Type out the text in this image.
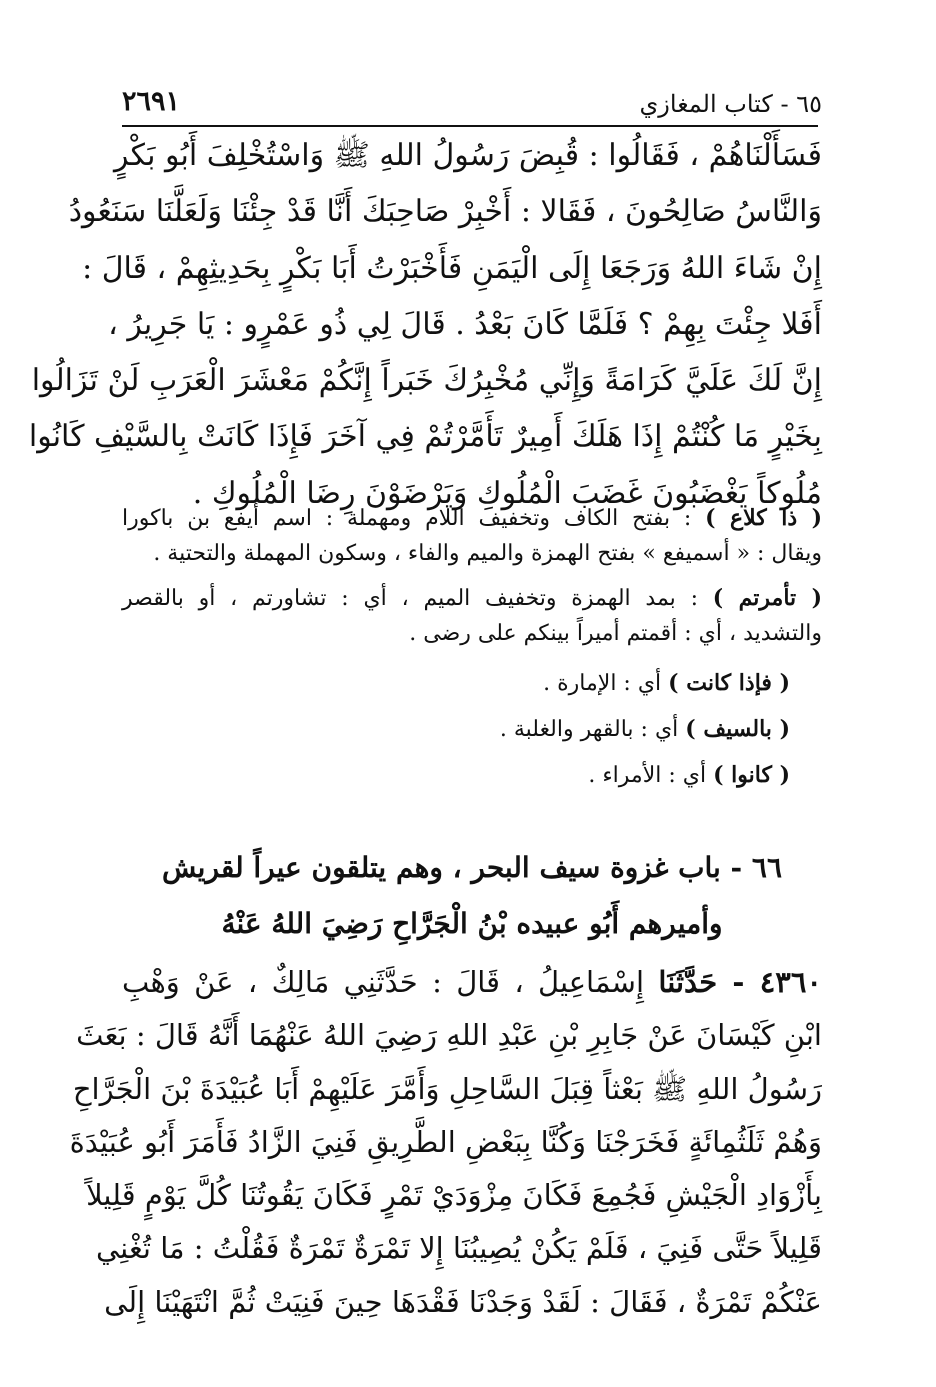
٦٥ - كتاب المغازي
٢٦٩١
فَسَأَلْنَاهُمْ ، فَقَالُوا : قُبِضَ رَسُولُ اللهِ ﷺ وَاسْتُخْلِفَ أَبُو بَكْرٍ
وَالنَّاسُ صَالِحُونَ ، فَقَالا : أَخْبِرْ صَاحِبَكَ أَنَّا قَدْ جِئْنَا وَلَعَلَّنَا سَنَعُودُ
إِنْ شَاءَ اللهُ وَرَجَعَا إِلَى الْيَمَنِ فَأَخْبَرْتُ أَبَا بَكْرٍ بِحَدِيثِهِمْ ، قَالَ :
أَفَلا جِئْتَ بِهِمْ ؟ فَلَمَّا كَانَ بَعْدُ . قَالَ لِي ذُو عَمْرٍو : يَا جَرِيرُ ،
إِنَّ لَكَ عَلَيَّ كَرَامَةً وَإِنِّي مُخْبِرُكَ خَبَراً إِنَّكُمْ مَعْشَرَ الْعَرَبِ لَنْ تَزَالُوا
بِخَيْرٍ مَا كُنْتُمْ إِذَا هَلَكَ أَمِيرٌ تَأَمَّرْتُمْ فِي آخَرَ فَإِذَا كَانَتْ بِالسَّيْفِ كَانُوا
مُلُوكاً يَغْضَبُونَ غَضَبَ الْمُلُوكِ وَيَرْضَوْنَ رِضَا الْمُلُوكِ .
( ذا كلاع ) : بفتح الكاف وتخفيف اللام ومهملة : اسم أيفع بن باكورا
ويقال : « أسميفع » بفتح الهمزة والميم والفاء ، وسكون المهملة والتحتية .
( تأمرتم ) : بمد الهمزة وتخفيف الميم ، أي : تشاورتم ، أو بالقصر
والتشديد ، أي : أقمتم أميراً بينكم على رضى .
( فإذا كانت ) أي : الإمارة .
( بالسيف ) أي : بالقهر والغلبة .
( كانوا ) أي : الأمراء .
٦٦ - باب غزوة سيف البحر ، وهم يتلقون عيراً لقريش
وأميرهم أَبُو عبيده بْنُ الْجَرَّاحِ رَضِيَ اللهُ عَنْهُ
٤٣٦٠ - حَدَّثَنَا إِسْمَاعِيلُ ، قَالَ : حَدَّثَنِي مَالِكٌ ، عَنْ وَهْبِ
ابْنِ كَيْسَانَ عَنْ جَابِرِ بْنِ عَبْدِ اللهِ رَضِيَ اللهُ عَنْهُمَا أَنَّهُ قَالَ : بَعَثَ
رَسُولُ اللهِ ﷺ بَعْثاً قِبَلَ السَّاحِلِ وَأَمَّرَ عَلَيْهِمْ أَبَا عُبَيْدَةَ بْنَ الْجَرَّاحِ
وَهُمْ ثَلَثُمِائَةٍ فَخَرَجْنَا وَكُنَّا بِبَعْضِ الطَّرِيقِ فَنِيَ الزَّادُ فَأَمَرَ أَبُو عُبَيْدَةَ
بِأَزْوَادِ الْجَيْشِ فَجُمِعَ فَكَانَ مِزْوَدَيْ تَمْرٍ فَكَانَ يَقُوتُنَا كُلَّ يَوْمٍ قَلِيلاً
قَلِيلاً حَتَّى فَنِيَ ، فَلَمْ يَكُنْ يُصِيبُنَا إِلا تَمْرَةٌ تَمْرَةٌ فَقُلْتُ : مَا تُغْنِي
عَنْكُمْ تَمْرَةٌ ، فَقَالَ : لَقَدْ وَجَدْنَا فَقْدَهَا حِينَ فَنِيَتْ ثُمَّ انْتَهَيْنَا إِلَى
